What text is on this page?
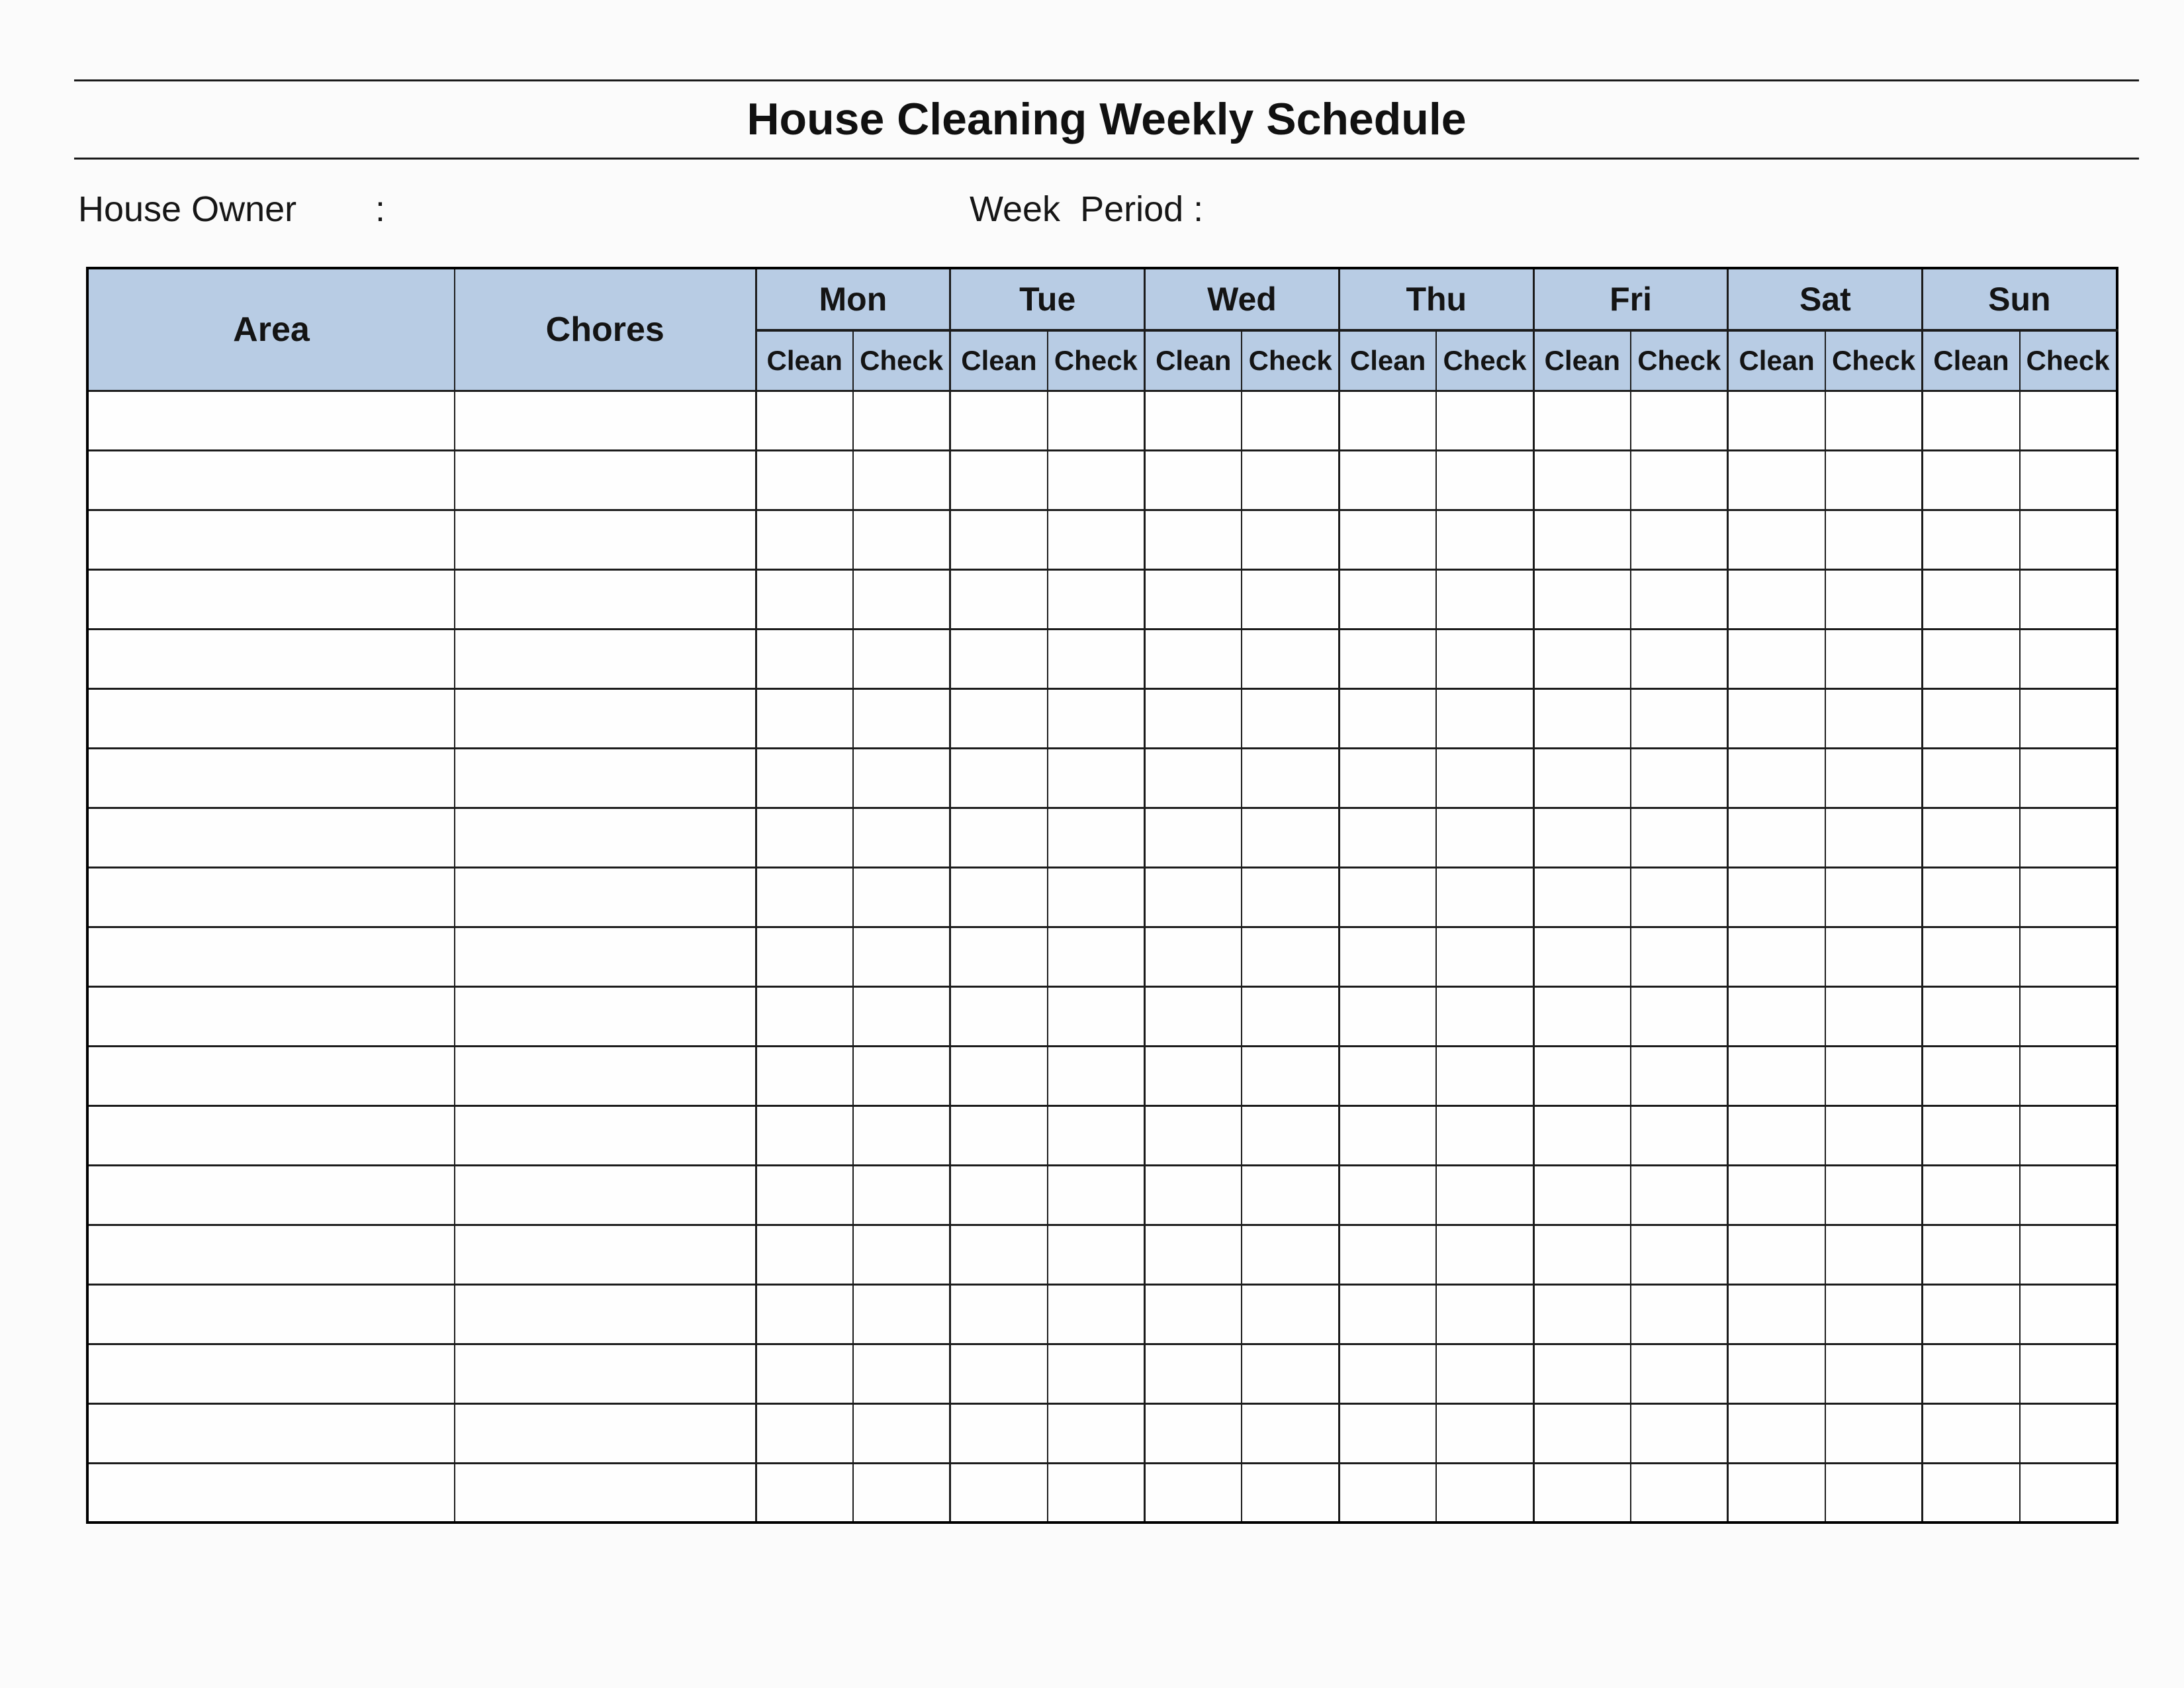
House Cleaning Weekly Schedule
House Owner :	Week  Period :
Area	Chores	Mon		Tue		Wed		Thu		Fri		Sat		Sun	
		Clean	Check	Clean	Check	Clean	Check	Clean	Check	Clean	Check	Clean	Check	Clean	Check
